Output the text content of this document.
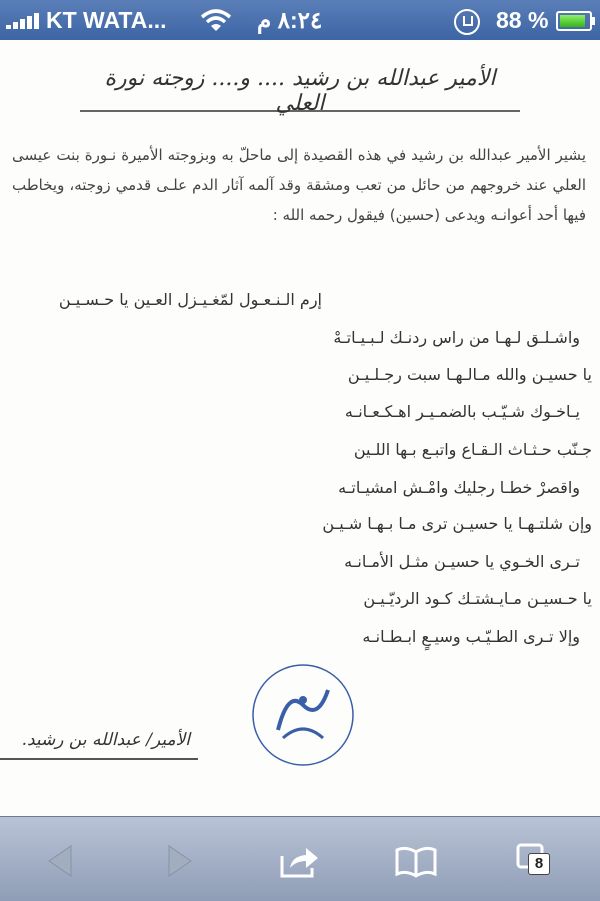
KT WATA...	٨:٢٤ م	88 %
الأمير عبدالله بن رشيد .... و.... زوجته نورة العلي
يشير الأمير عبدالله بن رشيد في هذه القصيدة إلى ماحلّ به وبزوجته الأميرة نـورة بنت عيسى العلي عند خروجهم من حائل من تعب ومشقة وقد آلمه آثار الدم علـى قدمي زوجته، ويخاطب فيها أحد أعوانـه ويدعى (حسين) فيقول رحمه الله :
إرم الـنـعـول لمّغـيـزل العـين يا حـسـيـن
واشـلـق لـهـا من راس ردنـك لـبـيـاتـهْ
يا حسيـن والله مـالـهـا سبت رجـلـيـن
يـاخـوك شـيّـب بالضمـيـر اهـكـعـانـه
جـنّب حـثـاث الـقـاع واتبـع بـها اللـين
واقصرْ خطـا رجليك وامْـش امشيـاتـه
وإن شلتـهـا يا حسيـن ترى مـا بـهـا شـيـن
تـرى الخـوي يا حسيـن مثـل الأمـانـه
يا حـسيـن مـايـشتـك كـود الرديّـيـن
وإلا تـرى الطـيّـب وسيـعٍ ابـطـانـه
الأمير/ عبدالله بن رشيد.
8
